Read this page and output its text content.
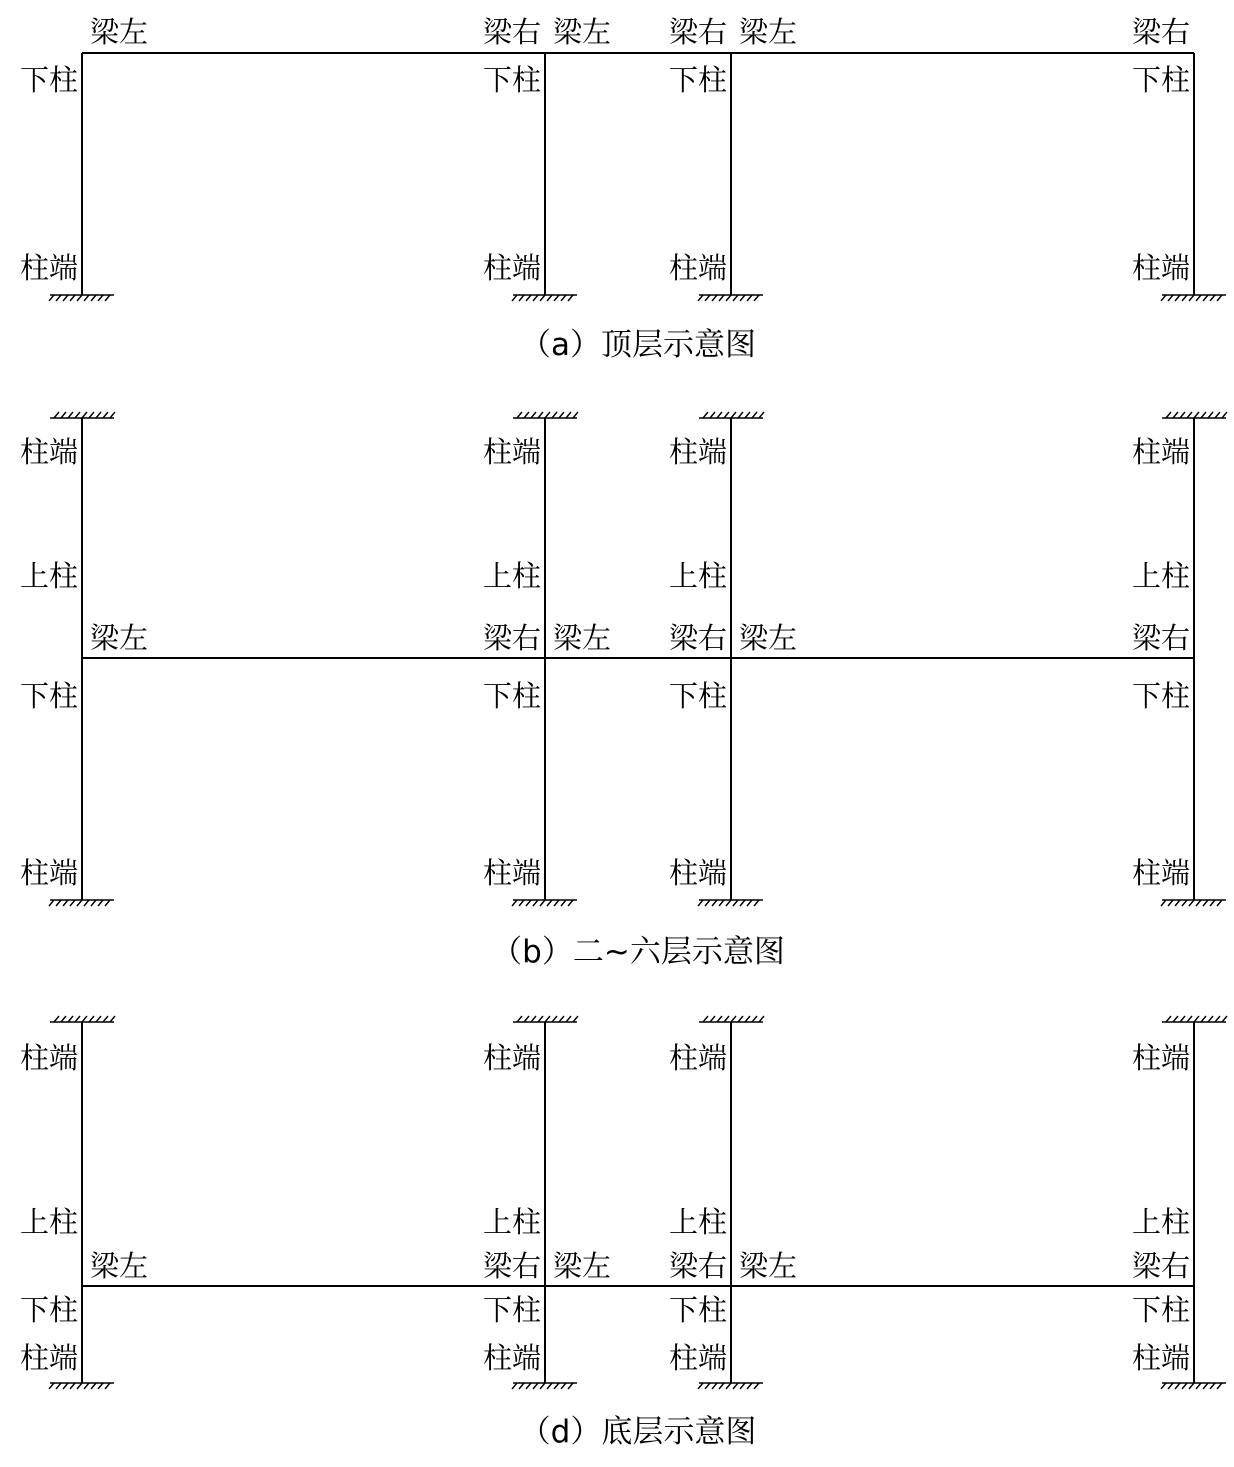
下柱
柱端
梁左
下柱
柱端
梁右 梁左
下柱
柱端
梁右 梁左
下柱
柱端
梁右
（a）顶层示意图
下柱
柱端
上柱
柱端
梁左
下柱
柱端
上柱
柱端
梁右 梁左
下柱
柱端
上柱
柱端
梁右 梁左
下柱
柱端
上柱
柱端
梁右
（b）二~六层示意图
下柱
柱端
上柱
柱端
梁左
下柱
柱端
上柱
柱端
梁右 梁左
下柱
柱端
上柱
柱端
梁右 梁左
下柱
柱端
上柱
柱端
梁右
（d）底层示意图
